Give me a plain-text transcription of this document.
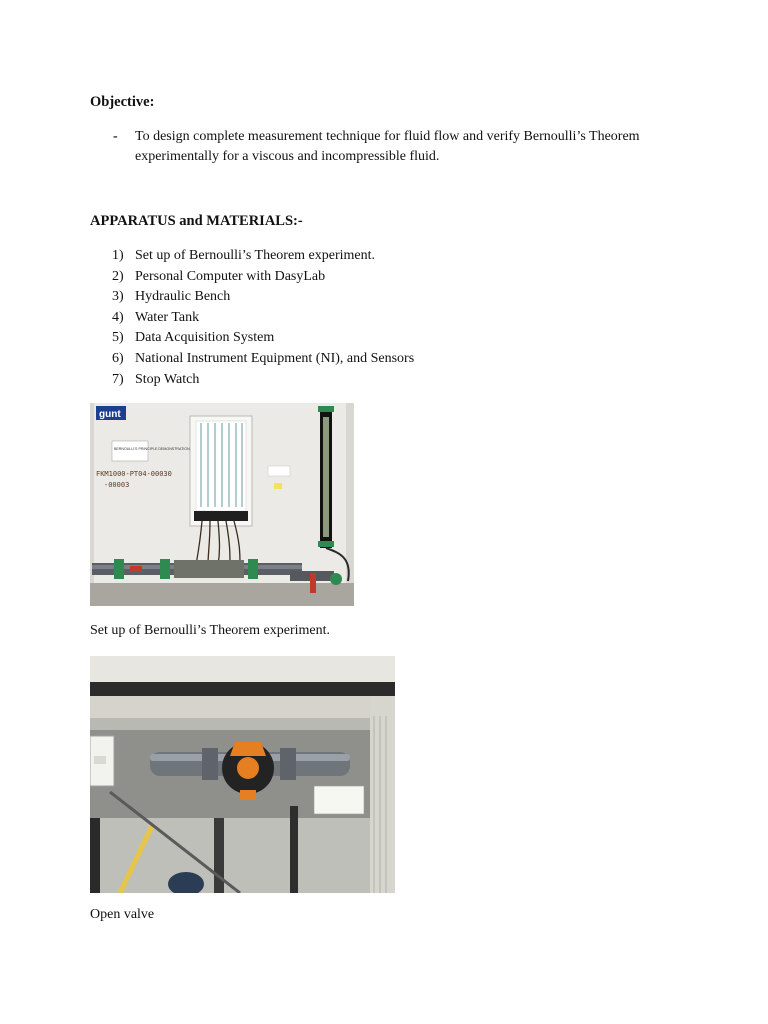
Objective:
- To design complete measurement technique for fluid flow and verify Bernoulli’s Theorem experimentally for a viscous and incompressible fluid.
APPARATUS and MATERIALS:-
1) Set up of Bernoulli’s Theorem experiment.
2) Personal Computer with DasyLab
3) Hydraulic Bench
4) Water Tank
5) Data Acquisition System
6) National Instrument Equipment (NI), and Sensors
7) Stop Watch
gunt
BERNOULLI'S PRINCIPLE DEMONSTRATION
FKM1000-PT04-00030
-00003
Set up of Bernoulli’s Theorem experiment.
Open valve
